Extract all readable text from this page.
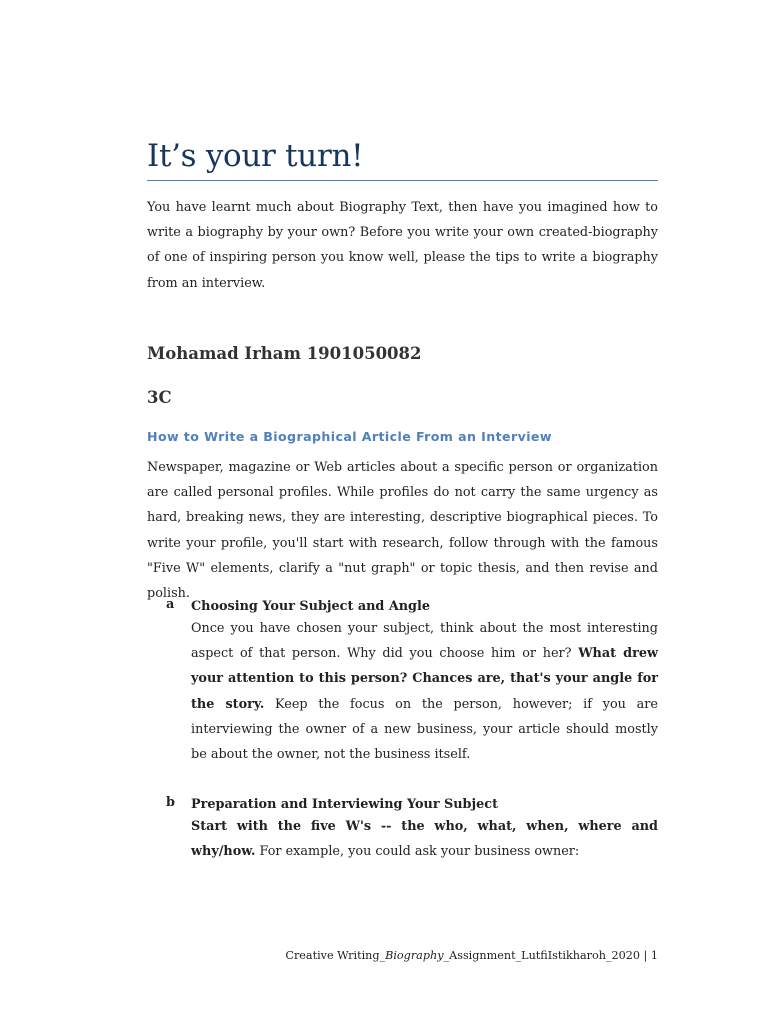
It’s your turn!

You have learnt much about Biography Text, then have you imagined how to write a biography by your own? Before you write your own created-biography of one of inspiring person you know well, please the tips to write a biography from an interview.

Mohamad Irham 1901050082

3C

How to Write a Biographical Article From an Interview

Newspaper, magazine or Web articles about a specific person or organization are called personal profiles. While profiles do not carry the same urgency as hard, breaking news, they are interesting, descriptive biographical pieces. To write your profile, you'll start with research, follow through with the famous "Five W" elements, clarify a "nut graph" or topic thesis, and then revise and polish.

a Choosing Your Subject and Angle

Once you have chosen your subject, think about the most interesting aspect of that person. Why did you choose him or her? What drew your attention to this person? Chances are, that's your angle for the story. Keep the focus on the person, however; if you are interviewing the owner of a new business, your article should mostly be about the owner, not the business itself.

b Preparation and Interviewing Your Subject

Start with the five W's -- the who, what, when, where and why/how. For example, you could ask your business owner:

Creative Writing_Biography_Assignment_LutfiIstikharoh_2020 | 1
